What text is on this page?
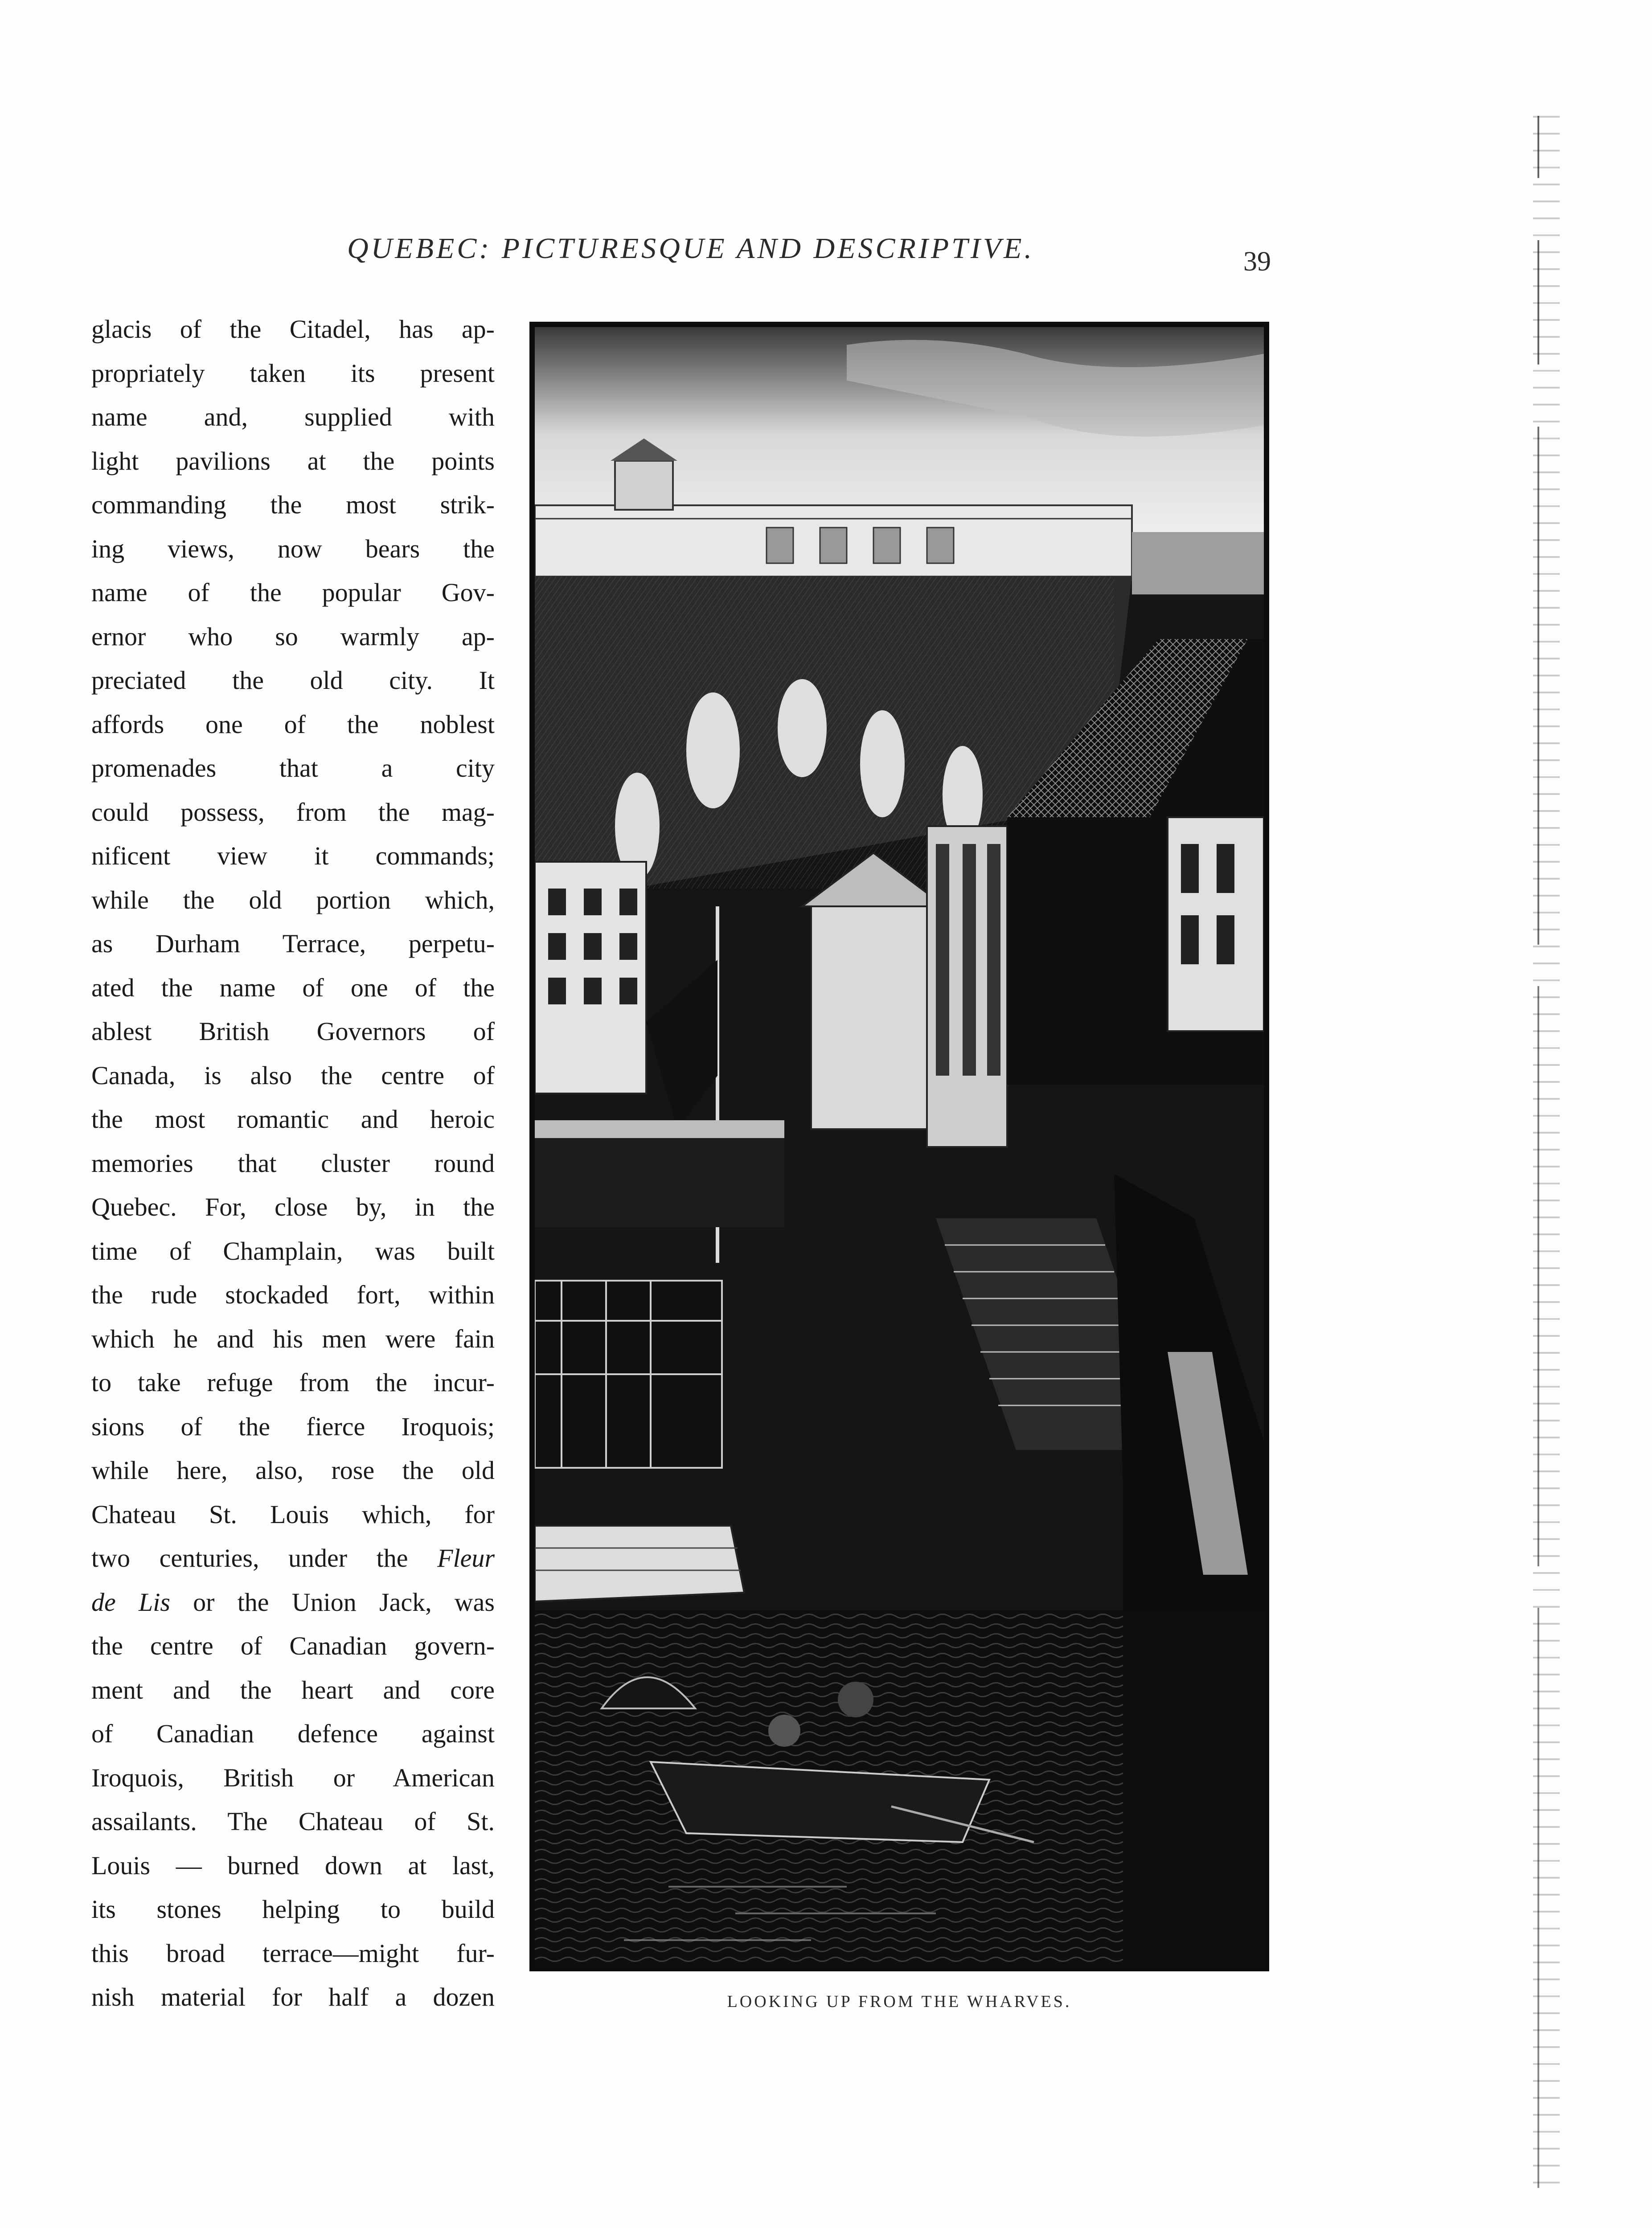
QUEBEC: PICTURESQUE AND DESCRIPTIVE.	39
glacis of the Citadel, has ap-
propriately taken its present
name and, supplied with
light pavilions at the points
commanding the most strik-
ing views, now bears the
name of the popular Gov-
ernor who so warmly ap-
preciated the old city. It
affords one of the noblest
promenades that a city
could possess, from the mag-
nificent view it commands;
while the old portion which,
as Durham Terrace, perpetu-
ated the name of one of the
ablest British Governors of
Canada, is also the centre of
the most romantic and heroic
memories that cluster round
Quebec. For, close by, in the
time of Champlain, was built
the rude stockaded fort, within
which he and his men were fain
to take refuge from the incur-
sions of the fierce Iroquois;
while here, also, rose the old
Chateau St. Louis which, for
two centuries, under the Fleur
de Lis or the Union Jack, was
the centre of Canadian govern-
ment and the heart and core
of Canadian defence against
Iroquois, British or American
assailants. The Chateau of St.
Louis — burned down at last,
its stones helping to build
this broad terrace—might fur-
nish material for half a dozen	LOOKING UP FROM THE WHARVES.
